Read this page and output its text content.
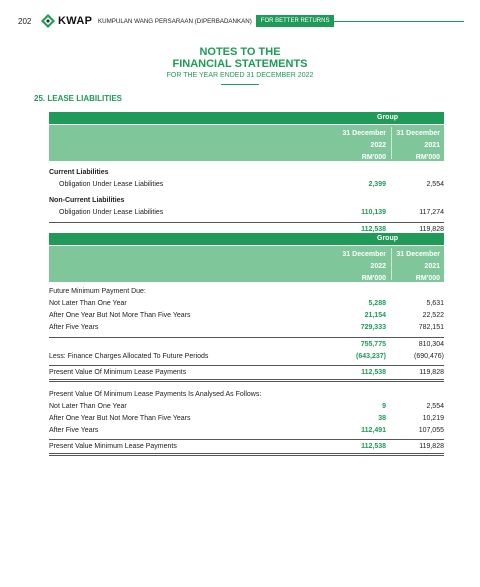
202	KWAP KUMPULAN WANG PERSARAAN (DIPERBADANKAN)	FOR BETTER RETURNS
NOTES TO THE
FINANCIAL STATEMENTS
FOR THE YEAR ENDED 31 DECEMBER 2022
25. LEASE LIABILITIES
Group
31 December
2022
RM'000
31 December
2021
RM'000
Current Liabilities
Obligation Under Lease Liabilities	2,399	2,554
Non-Current Liabilities
Obligation Under Lease Liabilities	110,139	117,274
112,538	119,828
Group
31 December
2022
RM'000
31 December
2021
RM'000
Future Minimum Payment Due:
Not Later Than One Year	5,288	5,631
After One Year But Not More Than Five Years	21,154	22,522
After Five Years	729,333	782,151
755,775	810,304
Less: Finance Charges Allocated To Future Periods	(643,237)	(690,476)
Present Value Of Minimum Lease Payments	112,538	119,828
Present Value Of Minimum Lease Payments Is Analysed As Follows:
Not Later Than One Year	9	2,554
After One Year But Not More Than Five Years	38	10,219
After Five Years	112,491	107,055
Present Value Minimum Lease Payments	112,538	119,828
